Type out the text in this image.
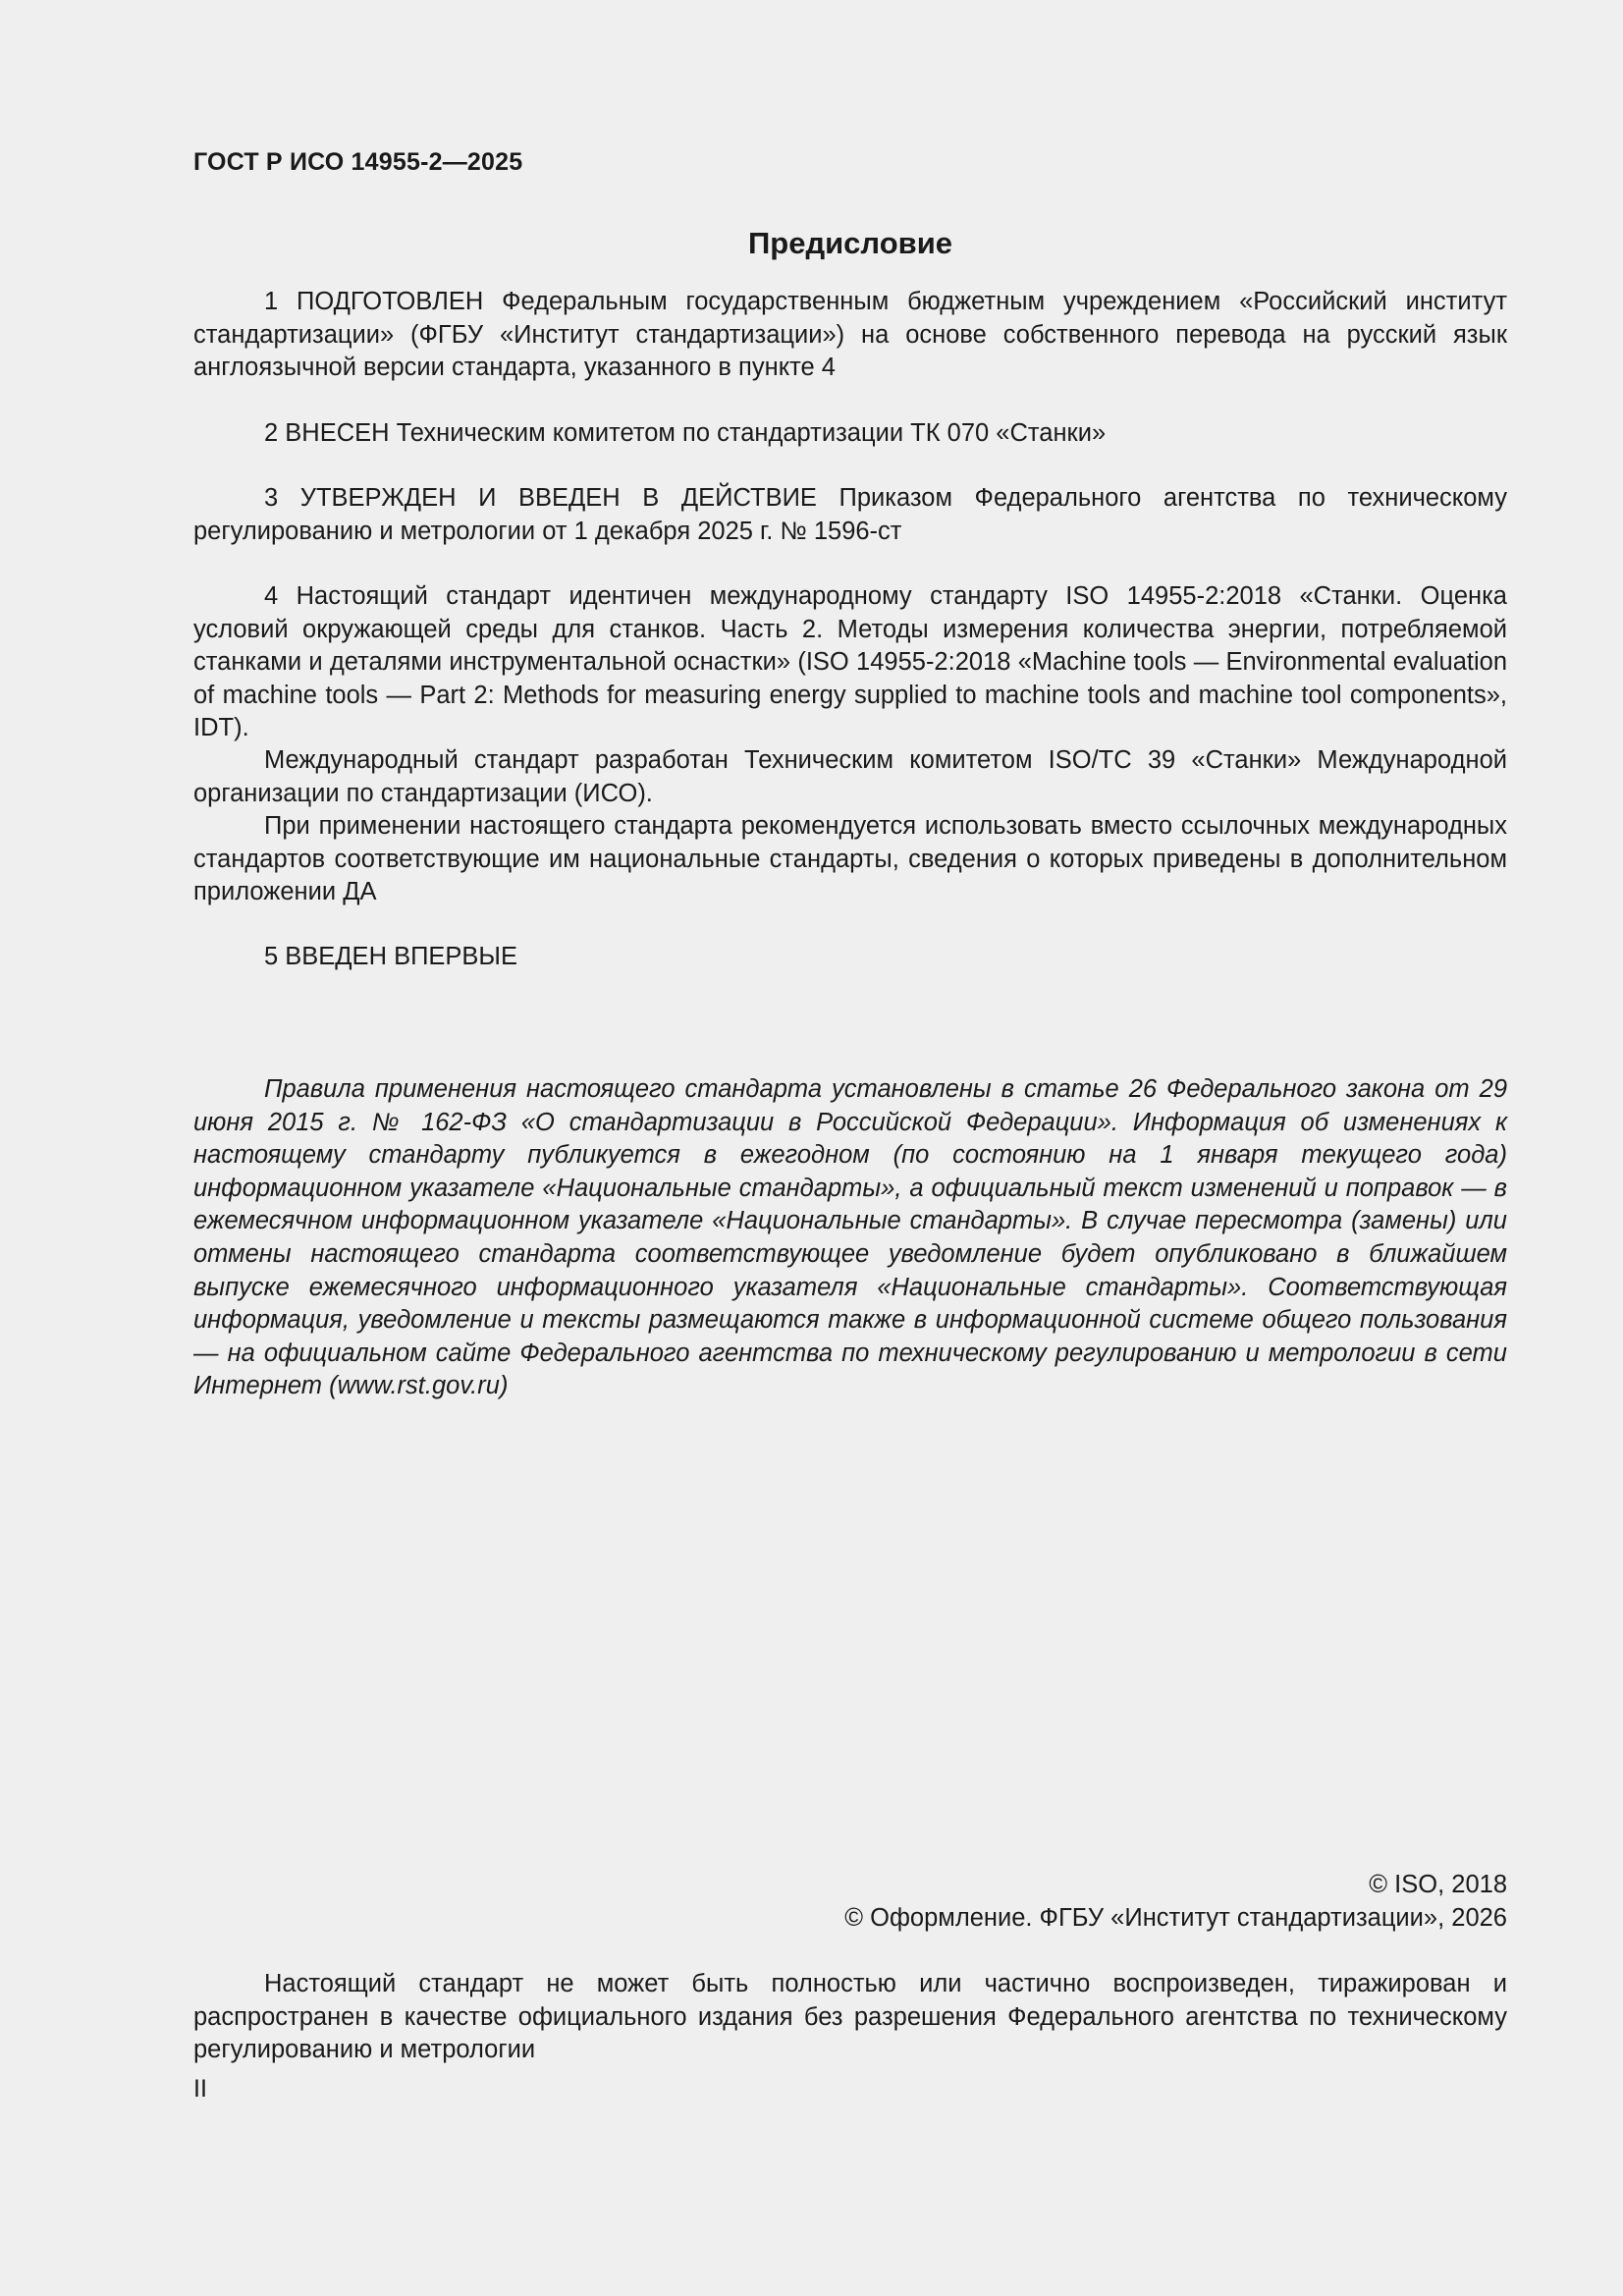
ГОСТ Р ИСО 14955-2—2025
Предисловие

1 ПОДГОТОВЛЕН Федеральным государственным бюджетным учреждением «Российский институт стандартизации» (ФГБУ «Институт стандартизации») на основе собственного перевода на русский язык англоязычной версии стандарта, указанного в пункте 4

2 ВНЕСЕН Техническим комитетом по стандартизации ТК 070 «Станки»

3 УТВЕРЖДЕН И ВВЕДЕН В ДЕЙСТВИЕ Приказом Федерального агентства по техническому регулированию и метрологии от 1 декабря 2025 г. № 1596-ст

4 Настоящий стандарт идентичен международному стандарту ISO 14955-2:2018 «Станки. Оценка условий окружающей среды для станков. Часть 2. Методы измерения количества энергии, потребляемой станками и деталями инструментальной оснастки» (ISO 14955-2:2018 «Machine tools — Environmental evaluation of machine tools — Part 2: Methods for measuring energy supplied to machine tools and machine tool components», IDT).

Международный стандарт разработан Техническим комитетом ISO/TC 39 «Станки» Международной организации по стандартизации (ИСО).

При применении настоящего стандарта рекомендуется использовать вместо ссылочных международных стандартов соответствующие им национальные стандарты, сведения о которых приведены в дополнительном приложении ДА

5 ВВЕДЕН ВПЕРВЫЕ

Правила применения настоящего стандарта установлены в статье 26 Федерального закона от 29 июня 2015 г. № 162-ФЗ «О стандартизации в Российской Федерации». Информация об изменениях к настоящему стандарту публикуется в ежегодном (по состоянию на 1 января текущего года) информационном указателе «Национальные стандарты», а официальный текст изменений и поправок — в ежемесячном информационном указателе «Национальные стандарты». В случае пересмотра (замены) или отмены настоящего стандарта соответствующее уведомление будет опубликовано в ближайшем выпуске ежемесячного информационного указателя «Национальные стандарты». Соответствующая информация, уведомление и тексты размещаются также в информационной системе общего пользования — на официальном сайте Федерального агентства по техническому регулированию и метрологии в сети Интернет (www.rst.gov.ru)

© ISO, 2018
© Оформление. ФГБУ «Институт стандартизации», 2026

Настоящий стандарт не может быть полностью или частично воспроизведен, тиражирован и распространен в качестве официального издания без разрешения Федерального агентства по техническому регулированию и метрологии

II
